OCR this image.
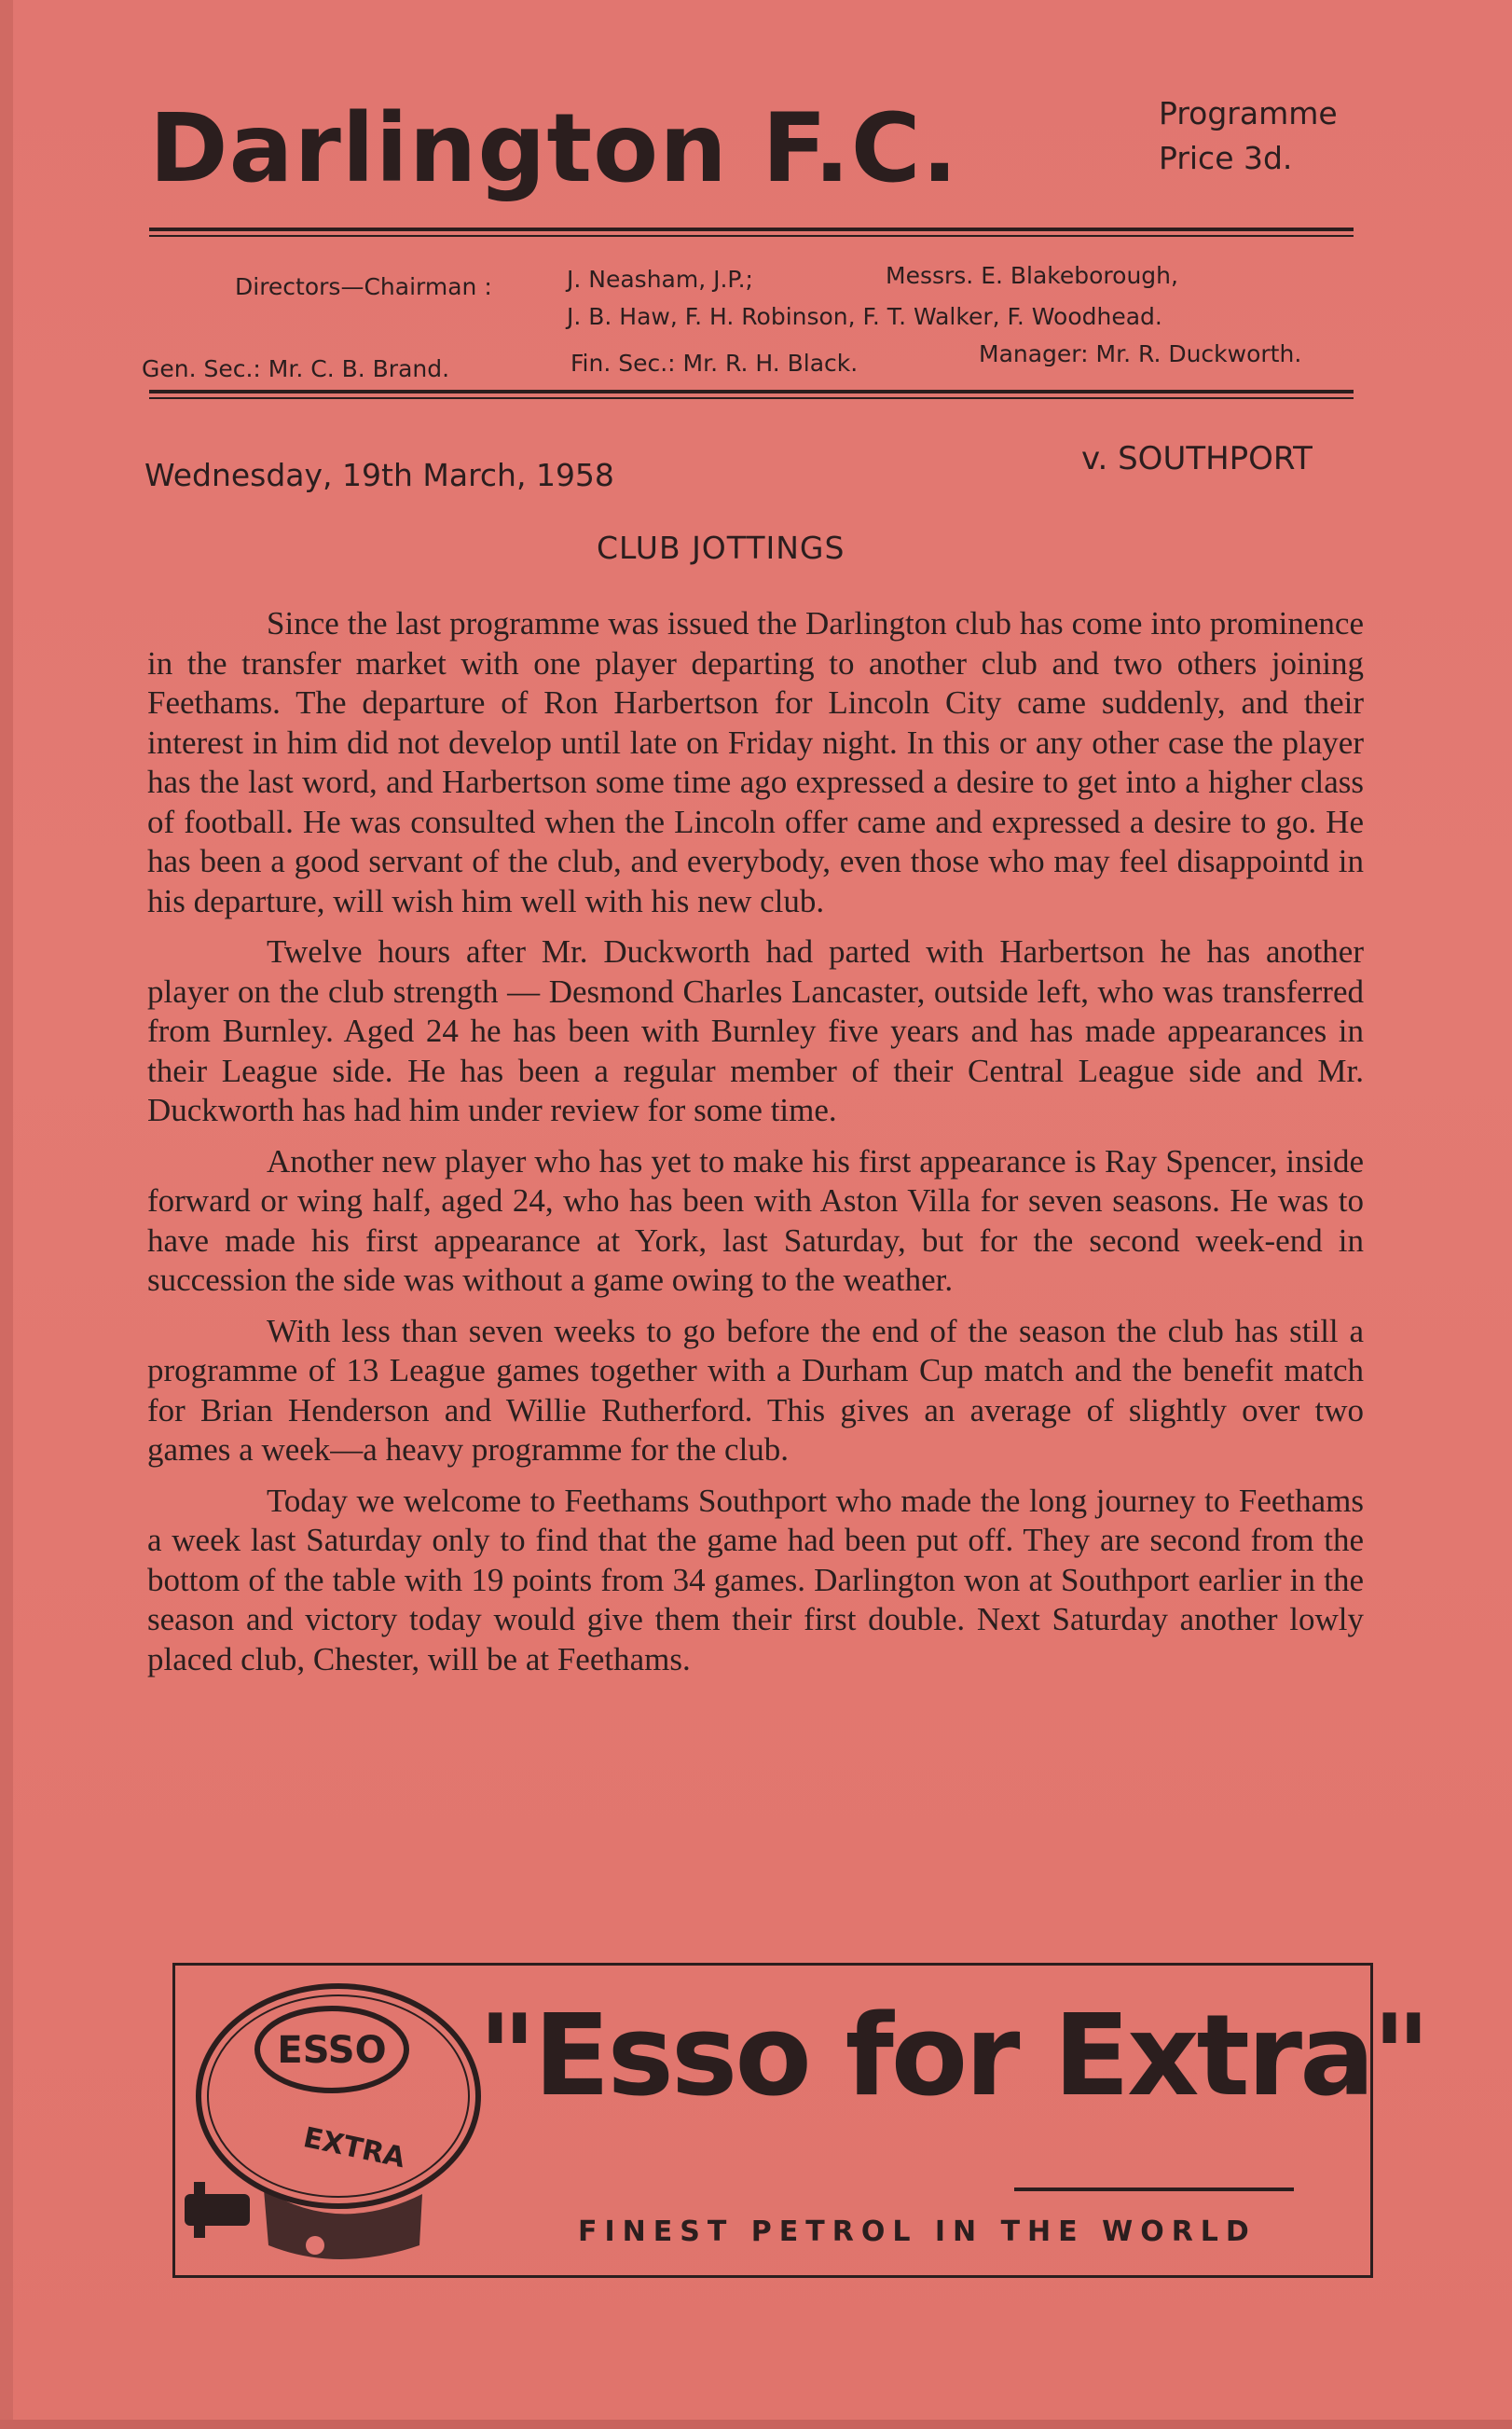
Darlington F.C.	Programme
Price 3d.
Directors—Chairman :	J. Neasham, J.P.;	Messrs. E. Blakeborough,
J. B. Haw, F. H. Robinson, F. T. Walker, F. Woodhead.
Gen. Sec.: Mr. C. B. Brand.	Fin. Sec.: Mr. R. H. Black.	Manager: Mr. R. Duckworth.
Wednesday, 19th March, 1958	v. SOUTHPORT
CLUB JOTTINGS

Since the last programme was issued the Darlington club has come into prominence in the transfer market with one player departing to another club and two others joining Feethams. The departure of Ron Harbertson for Lincoln City came suddenly, and their interest in him did not develop until late on Friday night. In this or any other case the player has the last word, and Harbertson some time ago expressed a desire to get into a higher class of football. He was consulted when the Lincoln offer came and expressed a desire to go. He has been a good servant of the club, and everybody, even those who may feel disappointd in his departure, will wish him well with his new club.

Twelve hours after Mr. Duckworth had parted with Harbertson he has another player on the club strength — Desmond Charles Lancaster, outside left, who was transferred from Burnley. Aged 24 he has been with Burnley five years and has made appearances in their League side. He has been a regular member of their Central League side and Mr. Duckworth has had him under review for some time.

Another new player who has yet to make his first appearance is Ray Spencer, inside forward or wing half, aged 24, who has been with Aston Villa for seven seasons. He was to have made his first appearance at York, last Saturday, but for the second week-end in succession the side was without a game owing to the weather.

With less than seven weeks to go before the end of the season the club has still a programme of 13 League games together with a Durham Cup match and the benefit match for Brian Henderson and Willie Rutherford. This gives an average of slightly over two games a week—a heavy programme for the club.

Today we welcome to Feethams Southport who made the long journey to Feethams a week last Saturday only to find that the game had been put off. They are second from the bottom of the table with 19 points from 34 games. Darlington won at Southport earlier in the season and victory today would give them their first double. Next Saturday another lowly placed club, Chester, will be at Feethams.

ESSO
EXTRA
"Esso for Extra"
FINEST PETROL IN THE WORLD
